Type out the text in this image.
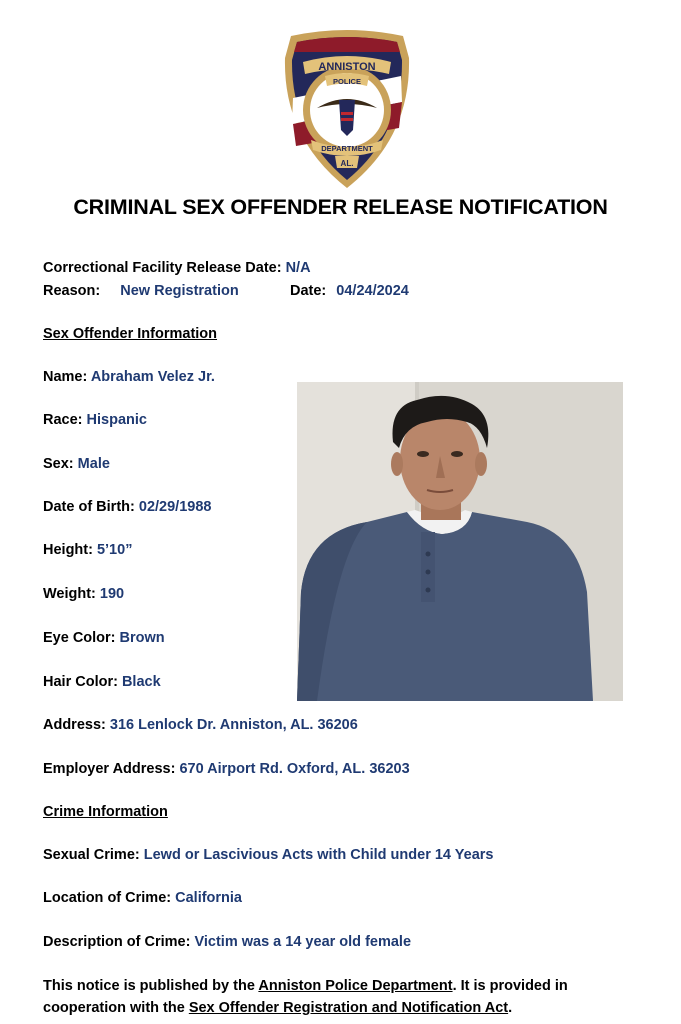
ANNISTON
POLICE
DEPARTMENT
AL.
CRIMINAL SEX OFFENDER RELEASE NOTIFICATION
Correctional Facility Release Date: N/A
Reason: New Registration	Date: 04/24/2024
Sex Offender Information
Name: Abraham Velez Jr.
Race: Hispanic
Sex: Male
Date of Birth: 02/29/1988
Height: 5’10”
Weight: 190
Eye Color: Brown
Hair Color: Black
Address: 316 Lenlock Dr. Anniston, AL. 36206
Employer Address: 670 Airport Rd. Oxford, AL. 36203
Crime Information
Sexual Crime: Lewd or Lascivious Acts with Child under 14 Years
Location of Crime: California
Description of Crime: Victim was a 14 year old female
This notice is published by the Anniston Police Department. It is provided in cooperation with the Sex Offender Registration and Notification Act.
